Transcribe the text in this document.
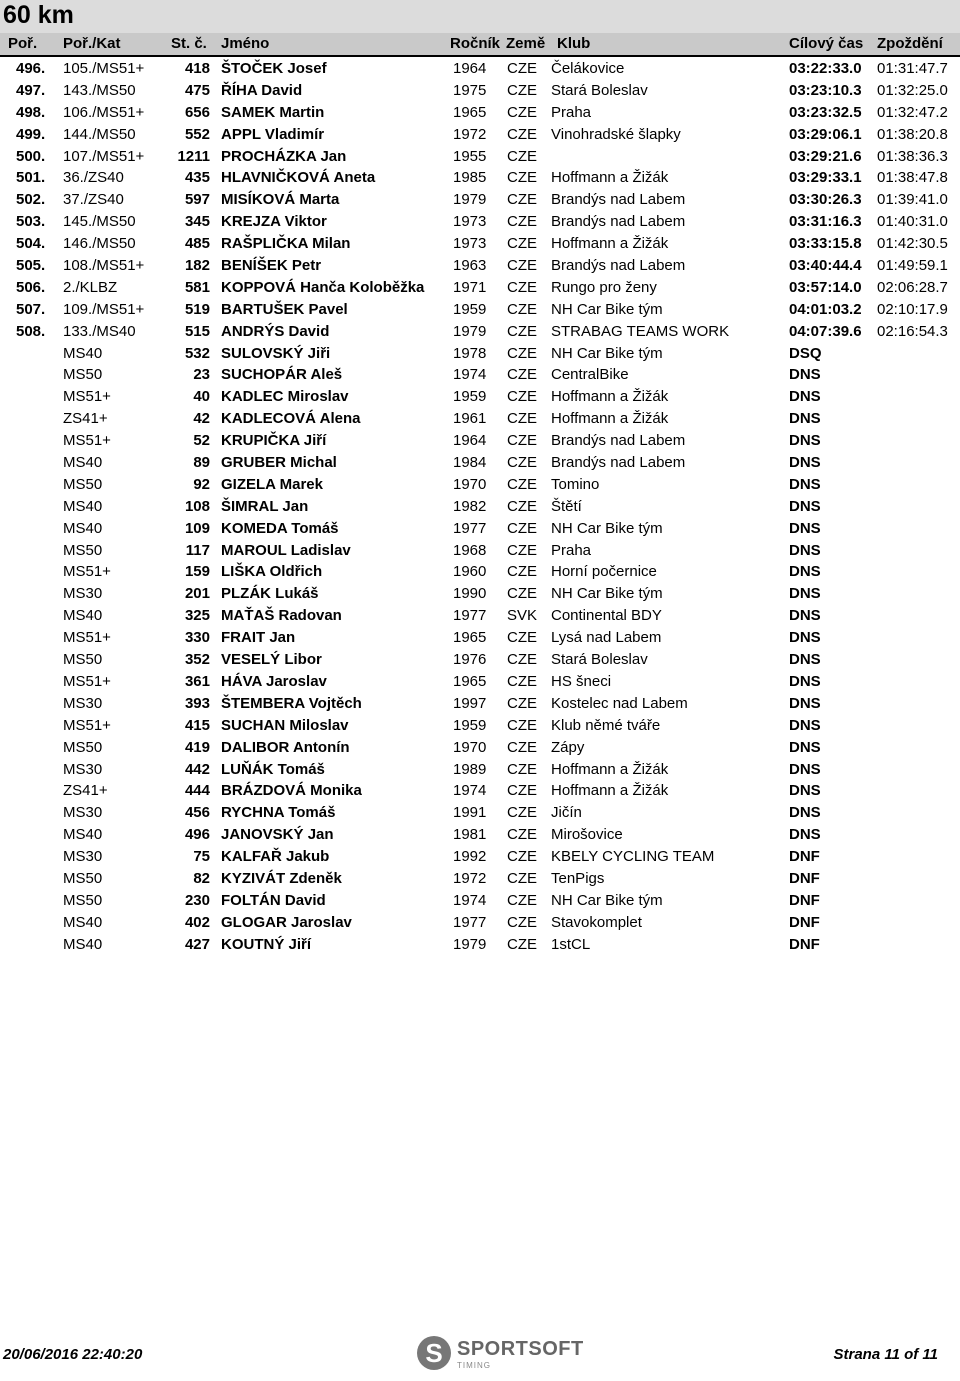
60 km
Poř. Poř./Kat	St. č. Jméno	Ročník Země Klub	Cílový čas Zpoždění
496. 105./MS51+	418 ŠTOČEK Josef	1964 CZE Čelákovice	03:22:33.0 01:31:47.7
497. 143./MS50	475 ŘÍHA David	1975 CZE Stará Boleslav	03:23:10.3 01:32:25.0
498. 106./MS51+	656 SAMEK Martin	1965 CZE Praha	03:23:32.5 01:32:47.2
499. 144./MS50	552 APPL Vladimír	1972 CZE Vinohradské šlapky	03:29:06.1 01:38:20.8
500. 107./MS51+	1211 PROCHÁZKA Jan	1955 CZE	03:29:21.6 01:38:36.3
501. 36./ZS40	435 HLAVNIČKOVÁ Aneta	1985 CZE Hoffmann a Žižák	03:29:33.1 01:38:47.8
502. 37./ZS40	597 MISÍKOVÁ Marta	1979 CZE Brandýs nad Labem	03:30:26.3 01:39:41.0
503. 145./MS50	345 KREJZA Viktor	1973 CZE Brandýs nad Labem	03:31:16.3 01:40:31.0
504. 146./MS50	485 RAŠPLIČKA Milan	1973 CZE Hoffmann a Žižák	03:33:15.8 01:42:30.5
505. 108./MS51+	182 BENÍŠEK Petr	1963 CZE Brandýs nad Labem	03:40:44.4 01:49:59.1
506. 2./KLBZ	581 KOPPOVÁ Hanča Koloběžka 1971 CZE Rungo pro ženy	03:57:14.0 02:06:28.7
507. 109./MS51+	519 BARTUŠEK Pavel	1959 CZE NH Car Bike tým	04:01:03.2 02:10:17.9
508. 133./MS40	515 ANDRÝS David	1979 CZE STRABAG TEAMS WORK	04:07:39.6 02:16:54.3
MS40	532 SULOVSKÝ Jiři	1978 CZE NH Car Bike tým	DSQ
MS50	23 SUCHOPÁR Aleš	1974 CZE CentralBike	DNS
MS51+	40 KADLEC Miroslav	1959 CZE Hoffmann a Žižák	DNS
ZS41+	42 KADLECOVÁ Alena	1961 CZE Hoffmann a Žižák	DNS
MS51+	52 KRUPIČKA Jiří	1964 CZE Brandýs nad Labem	DNS
MS40	89 GRUBER Michal	1984 CZE Brandýs nad Labem	DNS
MS50	92 GIZELA Marek	1970 CZE Tomino	DNS
MS40	108 ŠIMRAL Jan	1982 CZE Štětí	DNS
MS40	109 KOMEDA Tomáš	1977 CZE NH Car Bike tým	DNS
MS50	117 MAROUL Ladislav	1968 CZE Praha	DNS
MS51+	159 LIŠKA Oldřich	1960 CZE Horní počernice	DNS
MS30	201 PLZÁK Lukáš	1990 CZE NH Car Bike tým	DNS
MS40	325 MAŤAŠ Radovan	1977 SVK Continental BDY	DNS
MS51+	330 FRAIT Jan	1965 CZE Lysá nad Labem	DNS
MS50	352 VESELÝ Libor	1976 CZE Stará Boleslav	DNS
MS51+	361 HÁVA Jaroslav	1965 CZE HS šneci	DNS
MS30	393 ŠTEMBERA Vojtěch	1997 CZE Kostelec nad Labem	DNS
MS51+	415 SUCHAN Miloslav	1959 CZE Klub němé tváře	DNS
MS50	419 DALIBOR Antonín	1970 CZE Zápy	DNS
MS30	442 LUŇÁK Tomáš	1989 CZE Hoffmann a Žižák	DNS
ZS41+	444 BRÁZDOVÁ Monika	1974 CZE Hoffmann a Žižák	DNS
MS30	456 RYCHNA Tomáš	1991 CZE Jičín	DNS
MS40	496 JANOVSKÝ Jan	1981 CZE Mirošovice	DNS
MS30	75 KALFAŘ Jakub	1992 CZE KBELY CYCLING TEAM	DNF
MS50	82 KYZIVÁT Zdeněk	1972 CZE TenPigs	DNF
MS50	230 FOLTÁN David	1974 CZE NH Car Bike tým	DNF
MS40	402 GLOGAR Jaroslav	1977 CZE Stavokomplet	DNF
MS40	427 KOUTNÝ Jiří	1979 CZE 1stCL	DNF
20/06/2016 22:40:20	S SPORTSOFT
TIMING
Strana 11 of 11
